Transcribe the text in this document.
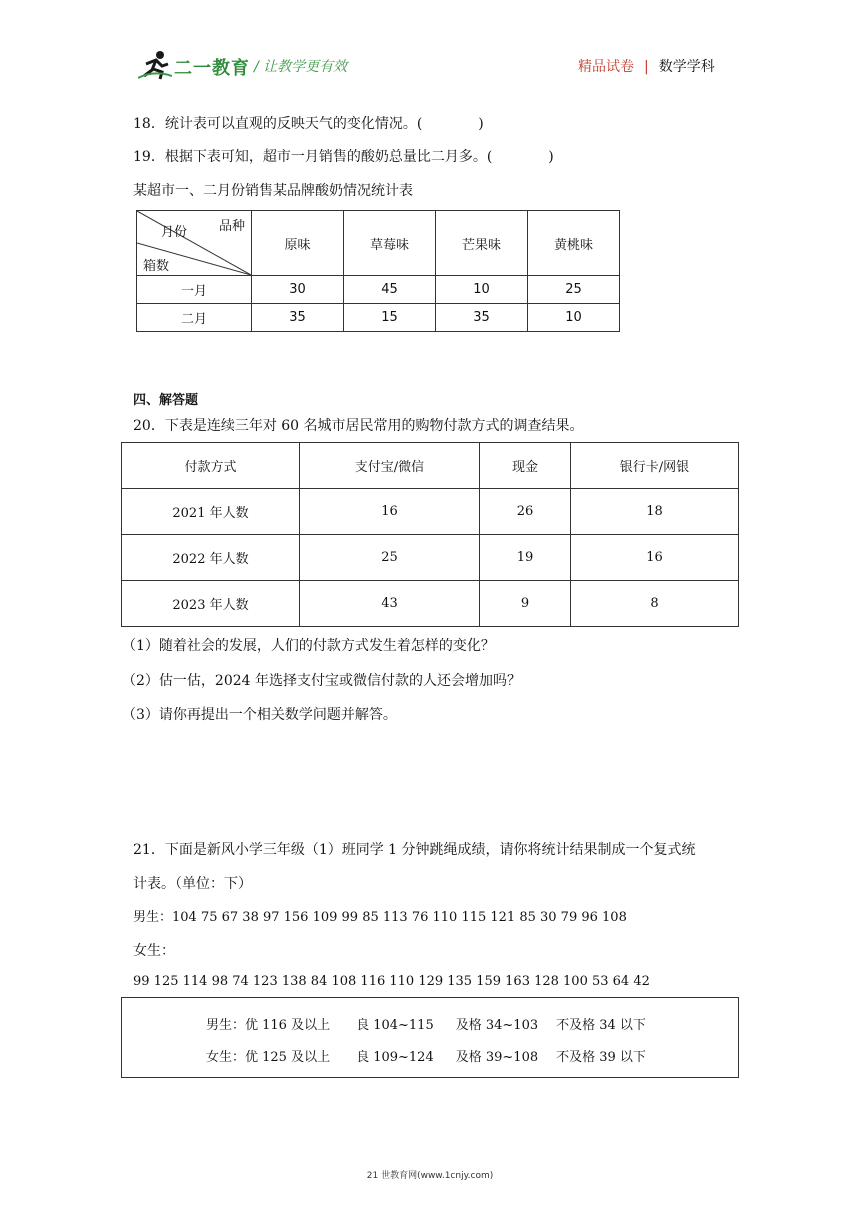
二一教育 / 让教学更有效	精品试卷 | 数学学科
18．统计表可以直观的反映天气的变化情况。(	)
19．根据下表可知，超市一月销售的酸奶总量比二月多。(	)
某超市一、二月份销售某品牌酸奶情况统计表
品种
月份
箱数	原味	草莓味	芒果味	黄桃味
一月	30	45	10	25
二月	35	15	35	10
四、解答题
20．下表是连续三年对 60 名城市居民常用的购物付款方式的调查结果。
付款方式	支付宝/微信	现金	银行卡/网银
2021 年人数	16	26	18
2022 年人数	25	19	16
2023 年人数	43	9	8
（1）随着社会的发展，人们的付款方式发生着怎样的变化？
（2）估一估，2024 年选择支付宝或微信付款的人还会增加吗？
（3）请你再提出一个相关数学问题并解答。
21．下面是新风小学三年级（1）班同学 1 分钟跳绳成绩，请你将统计结果制成一个复式统
计表。（单位：下）
男生：104 75 67 38 97 156 109 99 85 113 76 110 115 121 85 30 79 96 108
女生：
99 125 114 98 74 123 138 84 108 116 110 129 135 159 163 128 100 53 64 42
男生：优 116 及以上 良 104~115 及格 34~103 不及格 34 以下
女生：优 125 及以上 良 109~124 及格 39~108 不及格 39 以下
21 世教育网(www.1cnjy.com)
